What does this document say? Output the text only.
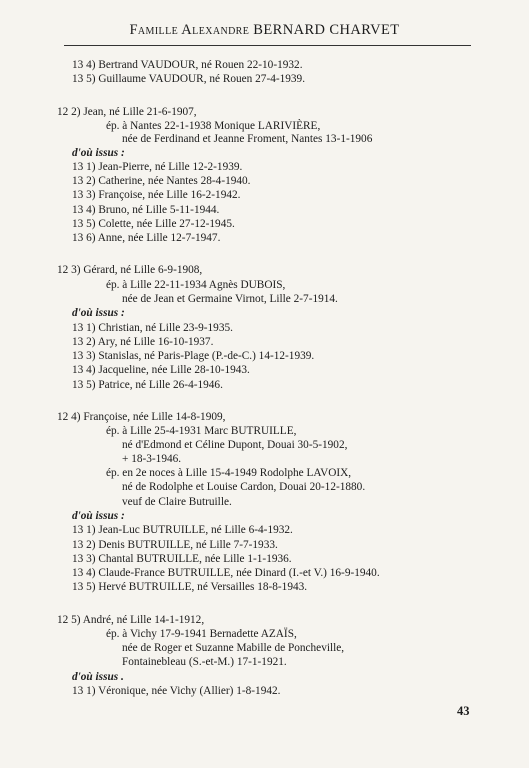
Famille Alexandre BERNARD CHARVET
13 4) Bertrand VAUDOUR, né Rouen 22-10-1932.
13 5) Guillaume VAUDOUR, né Rouen 27-4-1939.
12 2) Jean, né Lille 21-6-1907,
ép. à Nantes 22-1-1938 Monique LARIVIÈRE,
née de Ferdinand et Jeanne Froment, Nantes 13-1-1906
d'où issus :
13 1) Jean-Pierre, né Lille 12-2-1939.
13 2) Catherine, née Nantes 28-4-1940.
13 3) Françoise, née Lille 16-2-1942.
13 4) Bruno, né Lille 5-11-1944.
13 5) Colette, née Lille 27-12-1945.
13 6) Anne, née Lille 12-7-1947.
12 3) Gérard, né Lille 6-9-1908,
ép. à Lille 22-11-1934 Agnès DUBOIS,
née de Jean et Germaine Virnot, Lille 2-7-1914.
d'où issus :
13 1) Christian, né Lille 23-9-1935.
13 2) Ary, né Lille 16-10-1937.
13 3) Stanislas, né Paris-Plage (P.-de-C.) 14-12-1939.
13 4) Jacqueline, née Lille 28-10-1943.
13 5) Patrice, né Lille 26-4-1946.
12 4) Françoise, née Lille 14-8-1909,
ép. à Lille 25-4-1931 Marc BUTRUILLE,
né d'Edmond et Céline Dupont, Douai 30-5-1902,
+ 18-3-1946.
ép. en 2e noces à Lille 15-4-1949 Rodolphe LAVOIX,
né de Rodolphe et Louise Cardon, Douai 20-12-1880.
veuf de Claire Butruille.
d'où issus :
13 1) Jean-Luc BUTRUILLE, né Lille 6-4-1932.
13 2) Denis BUTRUILLE, né Lille 7-7-1933.
13 3) Chantal BUTRUILLE, née Lille 1-1-1936.
13 4) Claude-France BUTRUILLE, née Dinard (I.-et V.) 16-9-1940.
13 5) Hervé BUTRUILLE, né Versailles 18-8-1943.
12 5) André, né Lille 14-1-1912,
ép. à Vichy 17-9-1941 Bernadette AZAÏS,
née de Roger et Suzanne Mabille de Poncheville,
Fontainebleau (S.-et-M.) 17-1-1921.
d'où issus .
13 1) Véronique, née Vichy (Allier) 1-8-1942.
43
